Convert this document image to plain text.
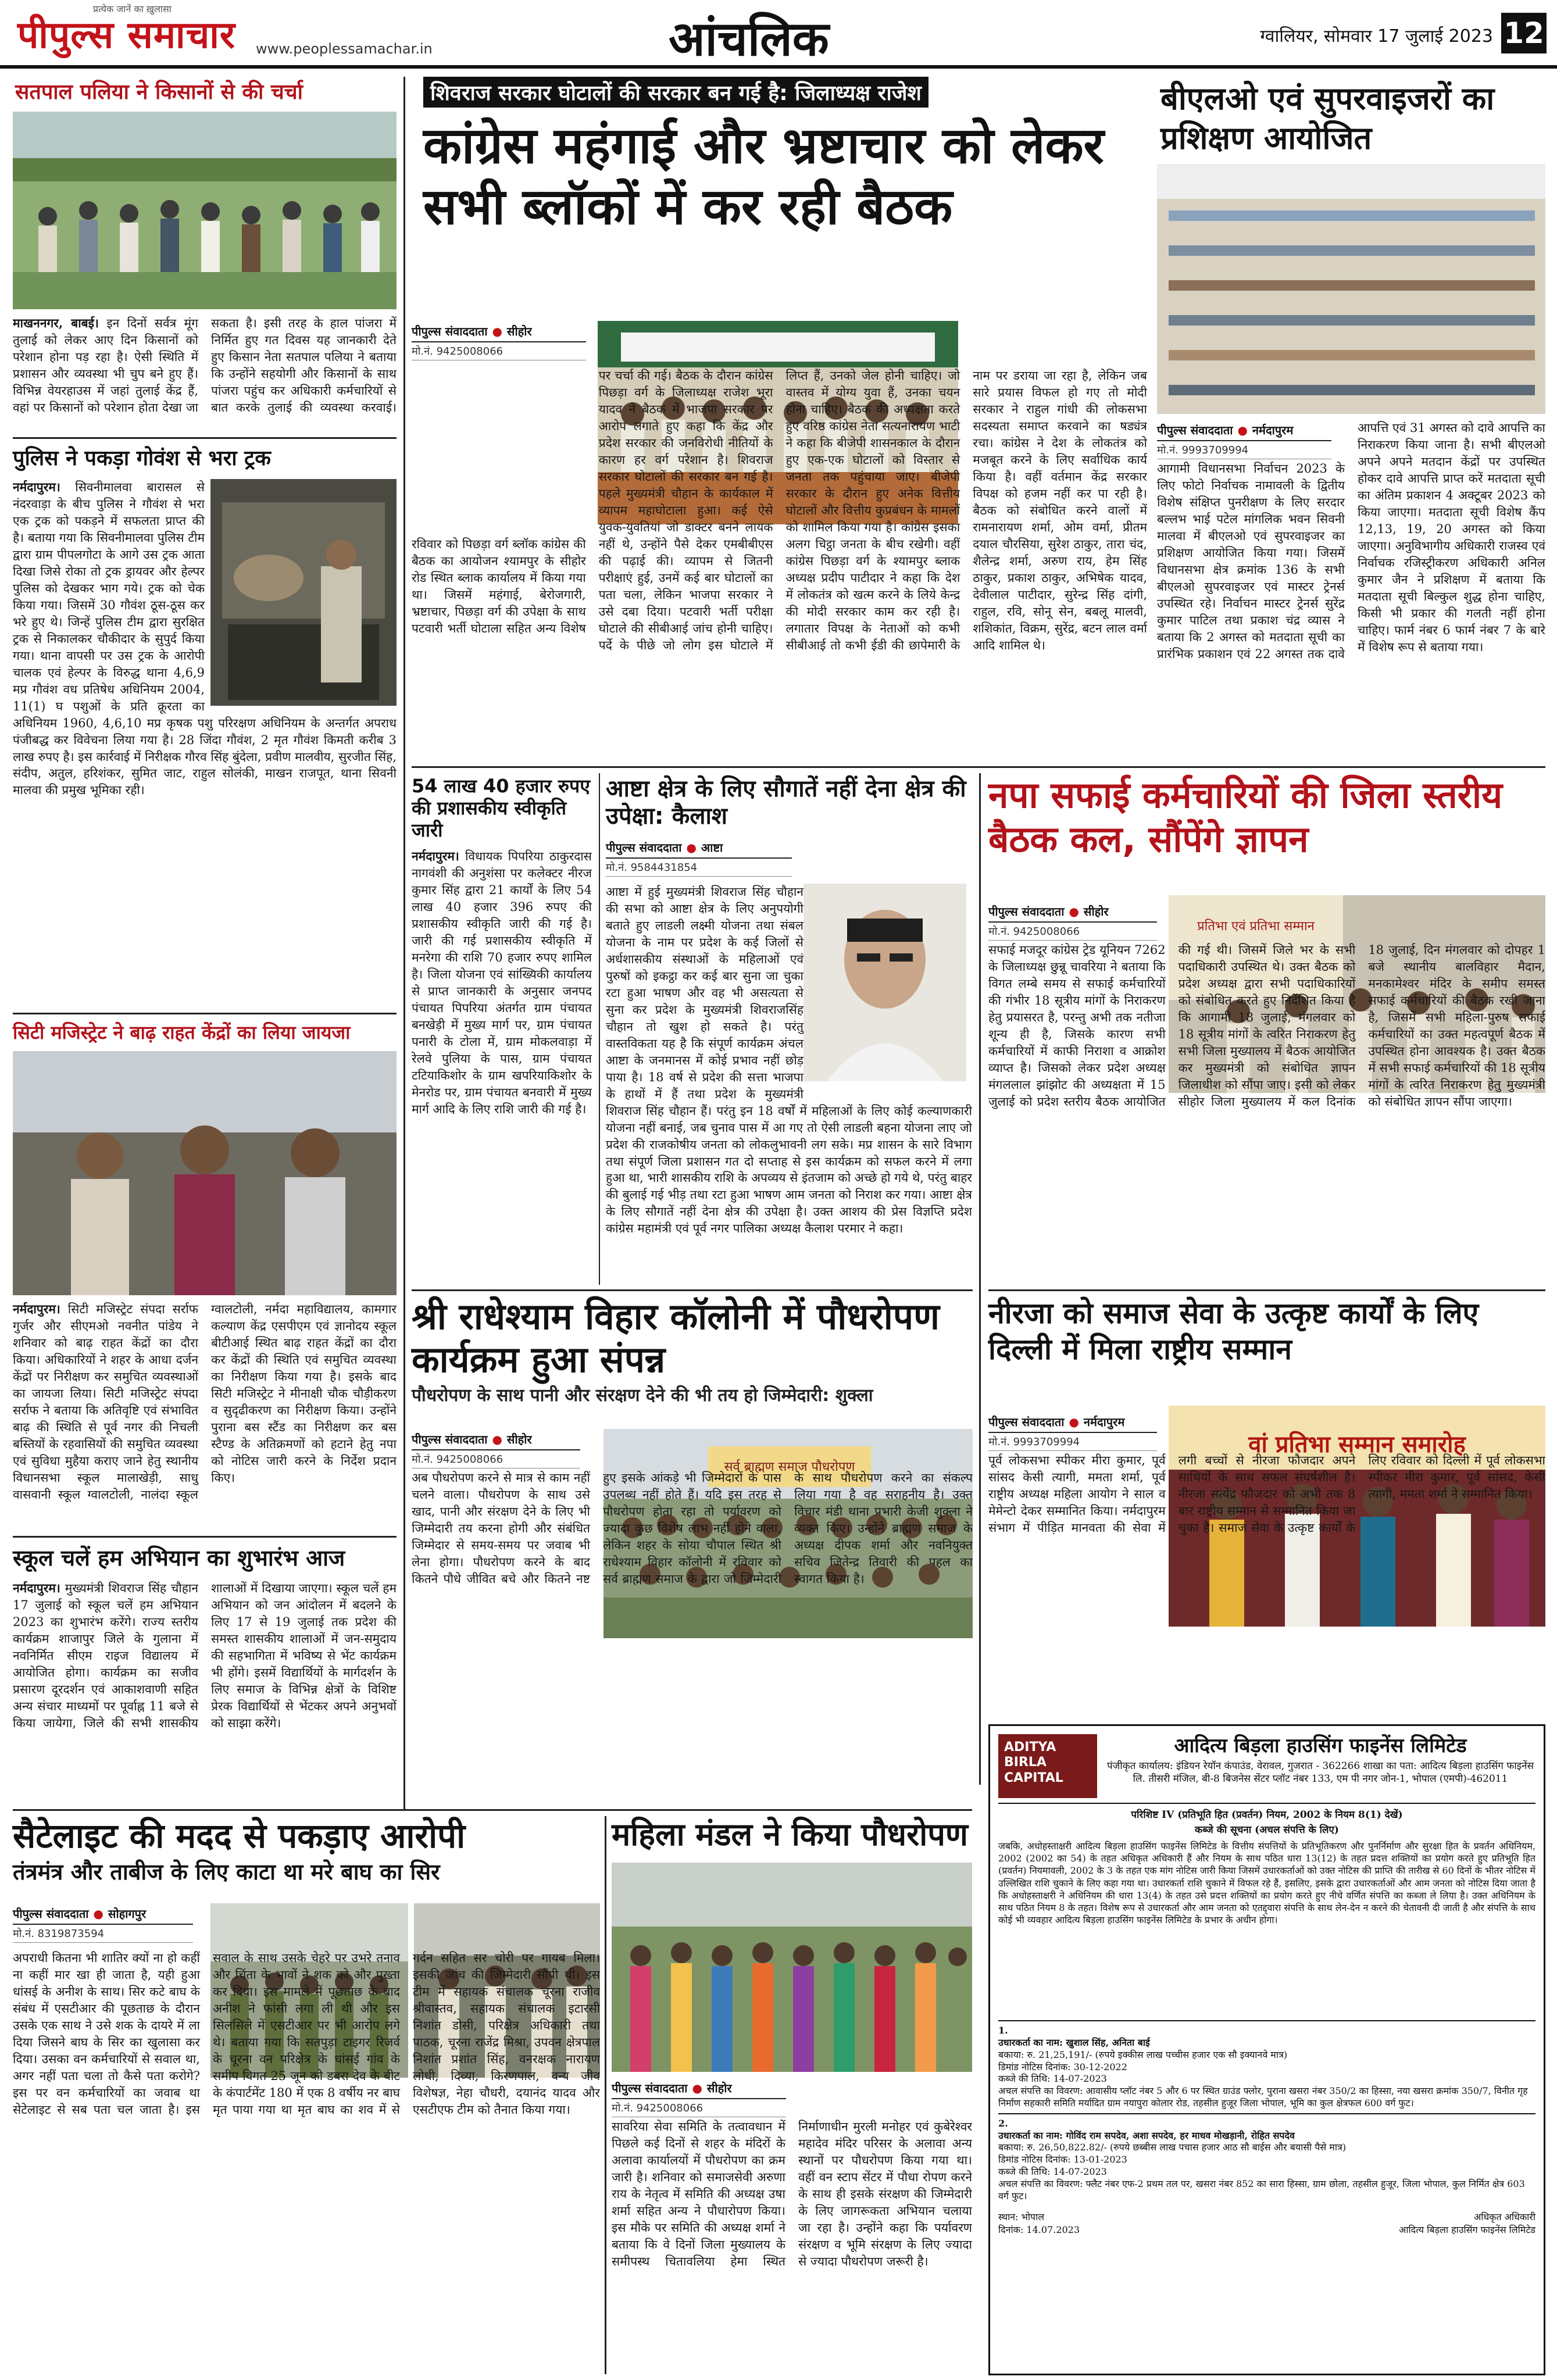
प्रत्येक जानें का ख़ुलासा
पीपुल्स समाचार www.peoplessamachar.in	आंचलिक	ग्वालियर, सोमवार 17 जुलाई 2023 12
सतपाल पलिया ने किसानों से की चर्चा
माखननगर, बाबई। इन दिनों सर्वत्र मूंग तुलाई को लेकर आए दिन किसानों को परेशान होना पड़ रहा है। ऐसी स्थिति में प्रशासन और व्यवस्था भी चुप बने हुए हैं। विभिन्न वेयरहाउस में जहां तुलाई केंद्र हैं, वहां पर किसानों को परेशान होता देखा जा सकता है। इसी तरह के हाल पांजरा में निर्मित हुए गत दिवस यह जानकारी देते हुए किसान नेता सतपाल पलिया ने बताया कि उन्होंने सहयोगी और किसानों के साथ पांजरा पहुंच कर अधिकारी कर्मचारियों से बात करके तुलाई की व्यवस्था करवाई।
पुलिस ने पकड़ा गोवंश से भरा ट्रक
नर्मदापुरम। सिवनीमालवा बारासल से नंदरवाड़ा के बीच पुलिस ने गौवंश से भरा एक ट्रक को पकड़ने में सफलता प्राप्त की है। बताया गया कि सिवनीमालवा पुलिस टीम द्वारा ग्राम पीपलगोटा के आगे उस ट्रक आता दिखा जिसे रोका तो ट्रक ड्रायवर और हेल्पर पुलिस को देखकर भाग गये। ट्रक को चेक किया गया। जिसमें 30 गौवंश ठूस-ठूस कर भरे हुए थे। जिन्हें पुलिस टीम द्वारा सुरक्षित ट्रक से निकालकर चौकीदार के सुपुर्द किया गया। थाना वापसी पर उस ट्रक के आरोपी चालक एवं हेल्पर के विरुद्ध थाना 4,6,9 मप्र गौवंश वध प्रतिषेध अधिनियम 2004, 11(1) घ पशुओं के प्रति क्रूरता का अधिनियम 1960, 4,6,10 मप्र कृषक पशु परिरक्षण अधिनियम के अन्तर्गत अपराध पंजीबद्ध कर विवेचना लिया गया है। 28 जिंदा गौवंश, 2 मृत गौवंश किमती करीब 3 लाख रुपए है। इस कार्रवाई में निरीक्षक गौरव सिंह बुंदेला, प्रवीण मालवीय, सुरजीत सिंह, संदीप, अतुल, हरिशंकर, सुमित जाट, राहुल सोलंकी, माखन राजपूत, थाना सिवनी मालवा की प्रमुख भूमिका रही।
सिटी मजिस्ट्रेट ने बाढ़ राहत केंद्रों का लिया जायजा
नर्मदापुरम। सिटी मजिस्ट्रेट संपदा सर्राफ गुर्जर और सीएमओ नवनीत पांडेय ने शनिवार को बाढ़ राहत केंद्रों का दौरा किया। अधिकारियों ने शहर के आधा दर्जन केंद्रों पर निरीक्षण कर समुचित व्यवस्थाओं का जायजा लिया। सिटी मजिस्ट्रेट संपदा सर्राफ ने बताया कि अतिवृष्टि एवं संभावित बाढ़ की स्थिति से पूर्व नगर की निचली बस्तियों के रहवासियों की समुचित व्यवस्था एवं सुविधा मुहैया कराए जाने हेतु स्थानीय विधानसभा स्कूल मालाखेड़ी, साधु वासवानी स्कूल ग्वालटोली, नालंदा स्कूल ग्वालटोली, नर्मदा महाविद्यालय, कामगार कल्याण केंद्र एसपीएम एवं ज्ञानोदय स्कूल बीटीआई स्थित बाढ़ राहत केंद्रों का दौरा कर केंद्रों की स्थिति एवं समुचित व्यवस्था का निरीक्षण किया गया है। इसके बाद सिटी मजिस्ट्रेट ने मीनाक्षी चौक चौड़ीकरण व सुदृढीकरण का निरीक्षण किया। उन्होंने पुराना बस स्टैंड का निरीक्षण कर बस स्टैण्ड के अतिक्रमणों को हटाने हेतु नपा को नोटिस जारी करने के निर्देश प्रदान किए।
स्कूल चलें हम अभियान का शुभारंभ आज
नर्मदापुरम। मुख्यमंत्री शिवराज सिंह चौहान 17 जुलाई को स्कूल चलें हम अभियान 2023 का शुभारंभ करेंगे। राज्य स्तरीय कार्यक्रम शाजापुर जिले के गुलाना में नवनिर्मित सीएम राइज विद्यालय में आयोजित होगा। कार्यक्रम का सजीव प्रसारण दूरदर्शन एवं आकाशवाणी सहित अन्य संचार माध्यमों पर पूर्वाह्न 11 बजे से किया जायेगा, जिले की सभी शासकीय शालाओं में दिखाया जाएगा। स्कूल चलें हम अभियान को जन आंदोलन में बदलने के लिए 17 से 19 जुलाई तक प्रदेश की समस्त शासकीय शालाओं में जन-समुदाय की सहभागिता में भविष्य से भेंट कार्यक्रम भी होंगे। इसमें विद्यार्थियों के मार्गदर्शन के लिए समाज के विभिन्न क्षेत्रों के विशिष्ट प्रेरक विद्यार्थियों से भेंटकर अपने अनुभवों को साझा करेंगे।
शिवराज सरकार घोटालों की सरकार बन गई है: जिलाध्यक्ष राजेश
कांग्रेस महंगाई और भ्रष्टाचार को लेकर सभी ब्लॉकों में कर रही बैठक
पीपुल्स संवाददाता ● सीहोर
मो.नं. 9425008066
रविवार को पिछड़ा वर्ग ब्लॉक कांग्रेस की बैठक का आयोजन श्यामपुर के सीहोर रोड स्थित ब्लाक कार्यालय में किया गया था। जिसमें महंगाई, बेरोजगारी, भ्रष्टाचार, पिछड़ा वर्ग की उपेक्षा के साथ पटवारी भर्ती घोटाला सहित अन्य विशेष पर चर्चा की गई। बैठक के दौरान कांग्रेस पिछड़ा वर्ग के जिलाध्यक्ष राजेश भूरा यादव ने बैठक में भाजपा सरकार पर आरोप लगाते हुए कहा कि केंद्र और प्रदेश सरकार की जनविरोधी नीतियों के कारण हर वर्ग परेशान है। शिवराज सरकार घोटालों की सरकार बन गई है। पहले मुख्यमंत्री चौहान के कार्यकाल में व्यापम महाघोटाला हुआ। कई ऐसे युवक-युवतियां जो डाक्टर बनने लायक नहीं थे, उन्होंने पैसे देकर एमबीबीएस की पढ़ाई की। व्यापम से जितनी परीक्षाएं हुई, उनमें कई बार घोटालों का पता चला, लेकिन भाजपा सरकार ने उसे दबा दिया। पटवारी भर्ती परीक्षा घोटाले की सीबीआई जांच होनी चाहिए। पर्दे के पीछे जो लोग इस घोटाले में लिप्त हैं, उनको जेल होनी चाहिए। जो वास्तव में योग्य युवा हैं, उनका चयन होना चाहिए। बैठक की अध्यक्षता करते हुए वरिष्ठ कांग्रेस नेता सत्यनारायण भाटी ने कहा कि बीजेपी शासनकाल के दौरान हुए एक-एक घोटालों को विस्तार से जनता तक पहुंचाया जाए। बीजेपी सरकार के दौरान हुए अनेक वित्तीय घोटालों और वित्तीय कुप्रबंधन के मामलों को शामिल किया गया है। कांग्रेस इसका अलग चिट्ठा जनता के बीच रखेगी। वहीं कांग्रेस पिछड़ा वर्ग के श्यामपुर ब्लाक अध्यक्ष प्रदीप पाटीदार ने कहा कि देश में लोकतंत्र को खत्म करने के लिये केन्द्र की मोदी सरकार काम कर रही है। लगातार विपक्ष के नेताओं को कभी सीबीआई तो कभी ईडी की छापेमारी के नाम पर डराया जा रहा है, लेकिन जब सारे प्रयास विफल हो गए तो मोदी सरकार ने राहुल गांधी की लोकसभा सदस्यता समाप्त करवाने का षड्यंत्र रचा। कांग्रेस ने देश के लोकतंत्र को मजबूत करने के लिए सर्वाधिक कार्य किया है। वहीं वर्तमान केंद्र सरकार विपक्ष को हजम नहीं कर पा रही है। बैठक को संबोधित करने वालों में रामनारायण शर्मा, ओम वर्मा, प्रीतम दयाल चौरसिया, सुरेश ठाकुर, तारा चंद, शैलेन्द्र शर्मा, अरुण राय, हेम सिंह ठाकुर, प्रकाश ठाकुर, अभिषेक यादव, देवीलाल पाटीदार, सुरेन्द्र सिंह दांगी, राहुल, रवि, सोनू सेन, बबलू मालवी, शशिकांत, विक्रम, सुरेंद्र, बटन लाल वर्मा आदि शामिल थे।
54 लाख 40 हजार रुपए की प्रशासकीय स्वीकृति जारी
नर्मदापुरम। विधायक पिपरिया ठाकुरदास नागवंशी की अनुशंसा पर कलेक्टर नीरज कुमार सिंह द्वारा 21 कार्यों के लिए 54 लाख 40 हजार 396 रुपए की प्रशासकीय स्वीकृति जारी की गई है। जारी की गई प्रशासकीय स्वीकृति में मनरेगा की राशि 70 हजार रुपए शामिल है। जिला योजना एवं सांख्यिकी कार्यालय से प्राप्त जानकारी के अनुसार जनपद पंचायत पिपरिया अंतर्गत ग्राम पंचायत बनखेड़ी में मुख्य मार्ग पर, ग्राम पंचायत पनारी के टोला में, ग्राम मोकलवाड़ा में रेलवे पुलिया के पास, ग्राम पंचायत टटियाकिशोर के ग्राम खपरियाकिशोर के मेनरोड पर, ग्राम पंचायत बनवारी में मुख्य मार्ग आदि के लिए राशि जारी की गई है।
आष्टा क्षेत्र के लिए सौगातें नहीं देना क्षेत्र की उपेक्षा: कैलाश
पीपुल्स संवाददाता ● आष्टा
मो.नं. 9584431854
आष्टा में हुई मुख्यमंत्री शिवराज सिंह चौहान की सभा को आष्टा क्षेत्र के लिए अनुपयोगी बताते हुए लाडली लक्ष्मी योजना तथा संबल योजना के नाम पर प्रदेश के कई जिलों से अर्धशासकीय संस्थाओं के महिलाओं एवं पुरुषों को इकट्ठा कर कई बार सुना जा चुका रटा हुआ भाषण और वह भी असत्यता से सुना कर प्रदेश के मुख्यमंत्री शिवराजसिंह चौहान तो खुश हो सकते है। परंतु वास्तविकता यह है कि संपूर्ण कार्यक्रम अंचल आष्टा के जनमानस में कोई प्रभाव नहीं छोड़ पाया है। 18 वर्ष से प्रदेश की सत्ता भाजपा के हाथों में हैं तथा प्रदेश के मुख्यमंत्री शिवराज सिंह चौहान हैं। परंतु इन 18 वर्षों में महिलाओं के लिए कोई कल्याणकारी योजना नहीं बनाई, जब चुनाव पास में आ गए तो ऐसी लाडली बहना योजना लाए जो प्रदेश की राजकोषीय जनता को लोकलुभावनी लग सके। मप्र शासन के सारे विभाग तथा संपूर्ण जिला प्रशासन गत दो सप्ताह से इस कार्यक्रम को सफल करने में लगा हुआ था, भारी शासकीय राशि के अपव्यय से इंतजाम को अच्छे हो गये थे, परंतु बाहर की बुलाई गई भीड़ तथा रटा हुआ भाषण आम जनता को निराश कर गया। आष्टा क्षेत्र के लिए सौगातें नहीं देना क्षेत्र की उपेक्षा है। उक्त आशय की प्रेस विज्ञप्ति प्रदेश कांग्रेस महामंत्री एवं पूर्व नगर पालिका अध्यक्ष कैलाश परमार ने कहा।
श्री राधेश्याम विहार कॉलोनी में पौधरोपण कार्यक्रम हुआ संपन्न
पौधरोपण के साथ पानी और संरक्षण देने की भी तय हो जिम्मेदारी: शुक्ला
पीपुल्स संवाददाता ● सीहोर
मो.नं. 9425008066
सर्व ब्राह्मण समाज पौधरोपण
अब पौधरोपण करने से मात्र से काम नहीं चलने वाला। पौधरोपण के साथ उसे खाद, पानी और संरक्षण देने के लिए भी जिम्मेदारी तय करना होगी और संबंधित जिम्मेदार से समय-समय पर जवाब भी लेना होगा। पौधरोपण करने के बाद कितने पौधे जीवित बचे और कितने नष्ट हुए इसके आंकड़े भी जिम्मेदारों के पास उपलब्ध नहीं होते हैं। यदि इस तरह से पौधरोपण होता रहा तो पर्यावरण को ज्यादा कुछ विशेष लाभ नहीं होने वाला, लेकिन शहर के सोया चौपाल स्थित श्री राधेश्याम विहार कॉलोनी में रविवार को सर्व ब्राह्मण समाज के द्वारा जो जिम्मेदारी के साथ पौधरोपण करने का संकल्प लिया गया है वह सराहनीय है। उक्त विचार मंडी थाना प्रभारी केजी शुक्ला ने व्यक्त किए। उन्होंने ब्राह्मण समाज के अध्यक्ष दीपक शर्मा और नवनियुक्त सचिव जितेन्द्र तिवारी की पहल का स्वागत किया है।
बीएलओ एवं सुपरवाइजरों का प्रशिक्षण आयोजित
पीपुल्स संवाददाता ● नर्मदापुरम
मो.नं. 9993709994
आगामी विधानसभा निर्वाचन 2023 के लिए फोटो निर्वाचक नामावली के द्वितीय विशेष संक्षिप्त पुनरीक्षण के लिए सरदार बल्लभ भाई पटेल मांगलिक भवन सिवनी मालवा में बीएलओ एवं सुपरवाइजर का प्रशिक्षण आयोजित किया गया। जिसमें विधानसभा क्षेत्र क्रमांक 136 के सभी बीएलओ सुपरवाइजर एवं मास्टर ट्रेनर्स उपस्थित रहे। निर्वाचन मास्टर ट्रेनर्स सुरेंद्र कुमार पाटिल तथा प्रकाश चंद्र व्यास ने बताया कि 2 अगस्त को मतदाता सूची का प्रारंभिक प्रकाशन एवं 22 अगस्त तक दावे आपत्ति एवं 31 अगस्त को दावे आपत्ति का निराकरण किया जाना है। सभी बीएलओ अपने अपने मतदान केंद्रों पर उपस्थित होकर दावे आपत्ति प्राप्त करें मतदाता सूची का अंतिम प्रकाशन 4 अक्टूबर 2023 को किया जाएगा। मतदाता सूची विशेष कैंप 12,13, 19, 20 अगस्त को किया जाएगा। अनुविभागीय अधिकारी राजस्व एवं निर्वाचक रजिस्ट्रीकरण अधिकारी अनिल कुमार जैन ने प्रशिक्षण में बताया कि मतदाता सूची बिल्कुल शुद्ध होना चाहिए, किसी भी प्रकार की गलती नहीं होना चाहिए। फार्म नंबर 6 फार्म नंबर 7 के बारे में विशेष रूप से बताया गया।
नपा सफाई कर्मचारियों की जिला स्तरीय बैठक कल, सौंपेंगे ज्ञापन
पीपुल्स संवाददाता ● सीहोर
मो.नं. 9425008066	प्रतिभा एवं प्रतिभा सम्मान
सफाई मजदूर कांग्रेस ट्रेड यूनियन 7262 के जिलाध्यक्ष छुन्नू चावरिया ने बताया कि विगत लम्बे समय से सफाई कर्मचारियों की गंभीर 18 सूत्रीय मांगों के निराकरण हेतु प्रयासरत है, परन्तु अभी तक नतीजा शून्य ही है, जिसके कारण सभी कर्मचारियों में काफी निराशा व आक्रोश व्याप्त है। जिसको लेकर प्रदेश अध्यक्ष मंगललाल झांझोट की अध्यक्षता में 15 जुलाई को प्रदेश स्तरीय बैठक आयोजित की गई थी। जिसमें जिले भर के सभी पदाधिकारी उपस्थित थे। उक्त बैठक को प्रदेश अध्यक्ष द्वारा सभी पदाधिकारियों को संबोधित करते हुए निर्देशित किया है कि आगामी 18 जुलाई, मंगलवार को 18 सूत्रीय मांगों के त्वरित निराकरण हेतु सभी जिला मुख्यालय में बैठक आयोजित कर मुख्यमंत्री को संबोधित ज्ञापन जिलाधीश को सौंपा जाए। इसी को लेकर सीहोर जिला मुख्यालय में कल दिनांक 18 जुलाई, दिन मंगलवार को दोपहर 1 बजे स्थानीय बालविहार मैदान, मनकामेश्वर मंदिर के समीप समस्त सफाई कर्मचारियों की बैठक रखी जाना है, जिसमें सभी महिला-पुरुष सफाई कर्मचारियों का उक्त महत्वपूर्ण बैठक में उपस्थित होना आवश्यक है। उक्त बैठक में सभी सफाई कर्मचारियों की 18 सूत्रीय मांगों के त्वरित निराकरण हेतु मुख्यमंत्री को संबोधित ज्ञापन सौंपा जाएगा।
नीरजा को समाज सेवा के उत्कृष्ट कार्यों के लिए दिल्ली में मिला राष्ट्रीय सम्मान
पीपुल्स संवाददाता ● नर्मदापुरम
मो.नं. 9993709994	वां प्रतिभा सम्मान समारोह
पूर्व लोकसभा स्पीकर मीरा कुमार, पूर्व सांसद केसी त्यागी, ममता शर्मा, पूर्व राष्ट्रीय अध्यक्ष महिला आयोग ने साल व मेमेन्टो देकर सम्मानित किया। नर्मदापुरम संभाग में पीड़ित मानवता की सेवा में लगी बच्चों से नीरजा फौजदार अपने साथियों के साथ सफल संघर्षशील है। नीरजा सत्येंद्र फौजदार को अभी तक 8 बार राष्ट्रीय सम्मान से सम्मानित किया जा चुका है। समाज सेवा के उत्कृष्ट कार्यों के लिए रविवार को दिल्ली में पूर्व लोकसभा स्पीकर मीरा कुमार, पूर्व सांसद, केसी त्यागी, ममता शर्मा ने सम्मानित किया।
सैटेलाइट की मदद से पकड़ाए आरोपी
तंत्रमंत्र और ताबीज के लिए काटा था मरे बाघ का सिर
पीपुल्स संवाददाता ● सोहागपुर
मो.नं. 8319873594
अपराधी कितना भी शातिर क्यों ना हो कहीं ना कहीं मार खा ही जाता है, यही हुआ धांसई के अनीश के साथ। सिर कटे बाघ के संबंध में एसटीआर की पूछताछ के दौरान उसके एक साथ ने उसे शक के दायरे में ला दिया जिसने बाघ के सिर का खुलासा कर दिया। उसका वन कर्मचारियों से सवाल था, अगर नहीं पता चला तो कैसे पता करोगे? इस पर वन कर्मचारियों का जवाब था सेटेलाइट से सब पता चल जाता है। इस सवाल के साथ उसके चेहरे पर उभरे तनाव और चिंता के भावों ने शक को और पुख्ता कर दिया। इस मामले में पूछताछ के बाद अनीश ने फांसी लगा ली थी और इस सिलसिले में एसटीआर पर भी आरोप लगे थे। बताया गया कि सतपुड़ा टाइगर रिजर्व के चूरना वन परिक्षेत्र के धांसई गांव के समीप विगत 25 जून को डबरा देव के बीट के कंपार्टमेंट 180 में एक 8 वर्षीय नर बाघ मृत पाया गया था मृत बाघ का शव में से गर्दन सहित सर चोरी पर गायब मिला। इसकी जांच की जिम्मेदारी सौंपी थी। इस टीम में सहायक संचालक चूरना राजीव श्रीवास्तव, सहायक संचालक इटारसी निशांत डोसी, परिक्षेत्र अधिकारी तथा पाठक, चूरना राजेंद्र मिश्रा, उपवन क्षेत्रपाल निशांत प्रशांत सिंह, वनरक्षक नारायण लोधी, दिव्या, किरणपाल, वन्य जीव विशेषज्ञ, नेहा चौधरी, दयानंद यादव और एसटीएफ टीम को तैनात किया गया।
महिला मंडल ने किया पौधरोपण
पीपुल्स संवाददाता ● सीहोर
मो.नं. 9425008066
सावरिया सेवा समिति के तत्वावधान में पिछले कई दिनों से शहर के मंदिरों के अलावा कार्यालयों में पौधरोपण का क्रम जारी है। शनिवार को समाजसेवी अरुणा राय के नेतृत्व में समिति की अध्यक्ष उषा शर्मा सहित अन्य ने पौधारोपण किया। इस मौके पर समिति की अध्यक्ष शर्मा ने बताया कि वे दिनों जिला मुख्यालय के समीपस्थ चितावलिया हेमा स्थित निर्माणाधीन मुरली मनोहर एवं कुबेरेश्वर महादेव मंदिर परिसर के अलावा अन्य स्थानों पर पौधरोपण किया गया था। वहीं वन स्टाप सेंटर में पौधा रोपण करने के साथ ही इसके संरक्षण की जिम्मेदारी के लिए जागरूकता अभियान चलाया जा रहा है। उन्होंने कहा कि पर्यावरण संरक्षण व भूमि संरक्षण के लिए ज्यादा से ज्यादा पौधरोपण जरूरी है।
ADITYA BIRLA CAPITAL
आदित्य बिड़ला हाउसिंग फाइनेंस लिमिटेड
पंजीकृत कार्यालय: इंडियन रेयॉन कंपाउंड, वेरावल, गुजरात - 362266 शाखा का पता: आदित्य बिड़ला हाउसिंग फाइनेंस लि. तीसरी मंजिल, बी-8 बिजनेस सेंटर प्लॉट नंबर 133, एम पी नगर जोन-1, भोपाल (एमपी)-462011
परिशिष्ट IV (प्रतिभूति हित (प्रवर्तन) नियम, 2002 के नियम 8(1) देखें)
कब्जे की सूचना (अचल संपत्ति के लिए)
जबकि, अधोहस्ताक्षरी आदित्य बिड़ला हाउसिंग फाइनेंस लिमिटेड के वित्तीय संपत्तियों के प्रतिभूतिकरण और पुनर्निर्माण और सुरक्षा हित के प्रवर्तन अधिनियम, 2002 (2002 का 54) के तहत अधिकृत अधिकारी हैं और नियम के साथ पठित धारा 13(12) के तहत प्रदत्त शक्तियों का प्रयोग करते हुए प्रतिभूति हित (प्रवर्तन) नियमावली, 2002 के 3 के तहत एक मांग नोटिस जारी किया जिसमें उधारकर्ताओं को उक्त नोटिस की प्राप्ति की तारीख से 60 दिनों के भीतर नोटिस में उल्लिखित राशि चुकाने के लिए कहा गया था। उधारकर्ता राशि चुकाने में विफल रहे हैं, इसलिए, इसके द्वारा उधारकर्ताओं और आम जनता को नोटिस दिया जाता है कि अधोहस्ताक्षरी ने अधिनियम की धारा 13(4) के तहत उसे प्रदत्त शक्तियों का प्रयोग करते हुए नीचे वर्णित संपत्ति का कब्जा ले लिया है। उक्त अधिनियम के साथ पठित नियम 8 के तहत। विशेष रूप से उधारकर्ता और आम जनता को एतद्द्वारा संपत्ति के साथ लेन-देन न करने की चेतावनी दी जाती है और संपत्ति के साथ कोई भी व्यवहार आदित्य बिड़ला हाउसिंग फाइनेंस लिमिटेड के प्रभार के अधीन होगा।
1.
उधारकर्ता का नाम: खुशाल सिंह, अनिता बाई
बकाया: रु. 21,25,191/- (रुपये इक्कीस लाख पच्चीस हजार एक सौ इक्यानवे मात्र)
डिमांड नोटिस दिनांक: 30-12-2022
कब्जे की तिथि: 14-07-2023
अचल संपत्ति का विवरण: आवासीय प्लॉट नंबर 5 और 6 पर स्थित ग्राउंड फ्लोर, पुराना खसरा नंबर 350/2 का हिस्सा, नया खसरा क्रमांक 350/7, विनीत गृह निर्माण सहकारी समिति मर्यादित ग्राम नयापुरा कोलार रोड, तहसील हुजूर जिला भोपाल, भूमि का कुल क्षेत्रफल 600 वर्ग फुट।
2.
उधारकर्ता का नाम: गोविंद राम सपदेव, अशा सपदेव, हर माधव मोखड़ानी, रोहित सपदेव
बकाया: रु. 26,50,822.82/- (रुपये छब्बीस लाख पचास हजार आठ सौ बाईस और बयासी पैसे मात्र)
डिमांड नोटिस दिनांक: 13-01-2023
कब्जे की तिथि: 14-07-2023
अचल संपत्ति का विवरण: फ्लैट नंबर एफ-2 प्रथम तल पर, खसरा नंबर 852 का सारा हिस्सा, ग्राम छोला, तहसील हुजूर, जिला भोपाल, कुल निर्मित क्षेत्र 603 वर्ग फुट।
स्थान: भोपाल
दिनांक: 14.07.2023
अधिकृत अधिकारी
आदित्य बिड़ला हाउसिंग फाइनेंस लिमिटेड
